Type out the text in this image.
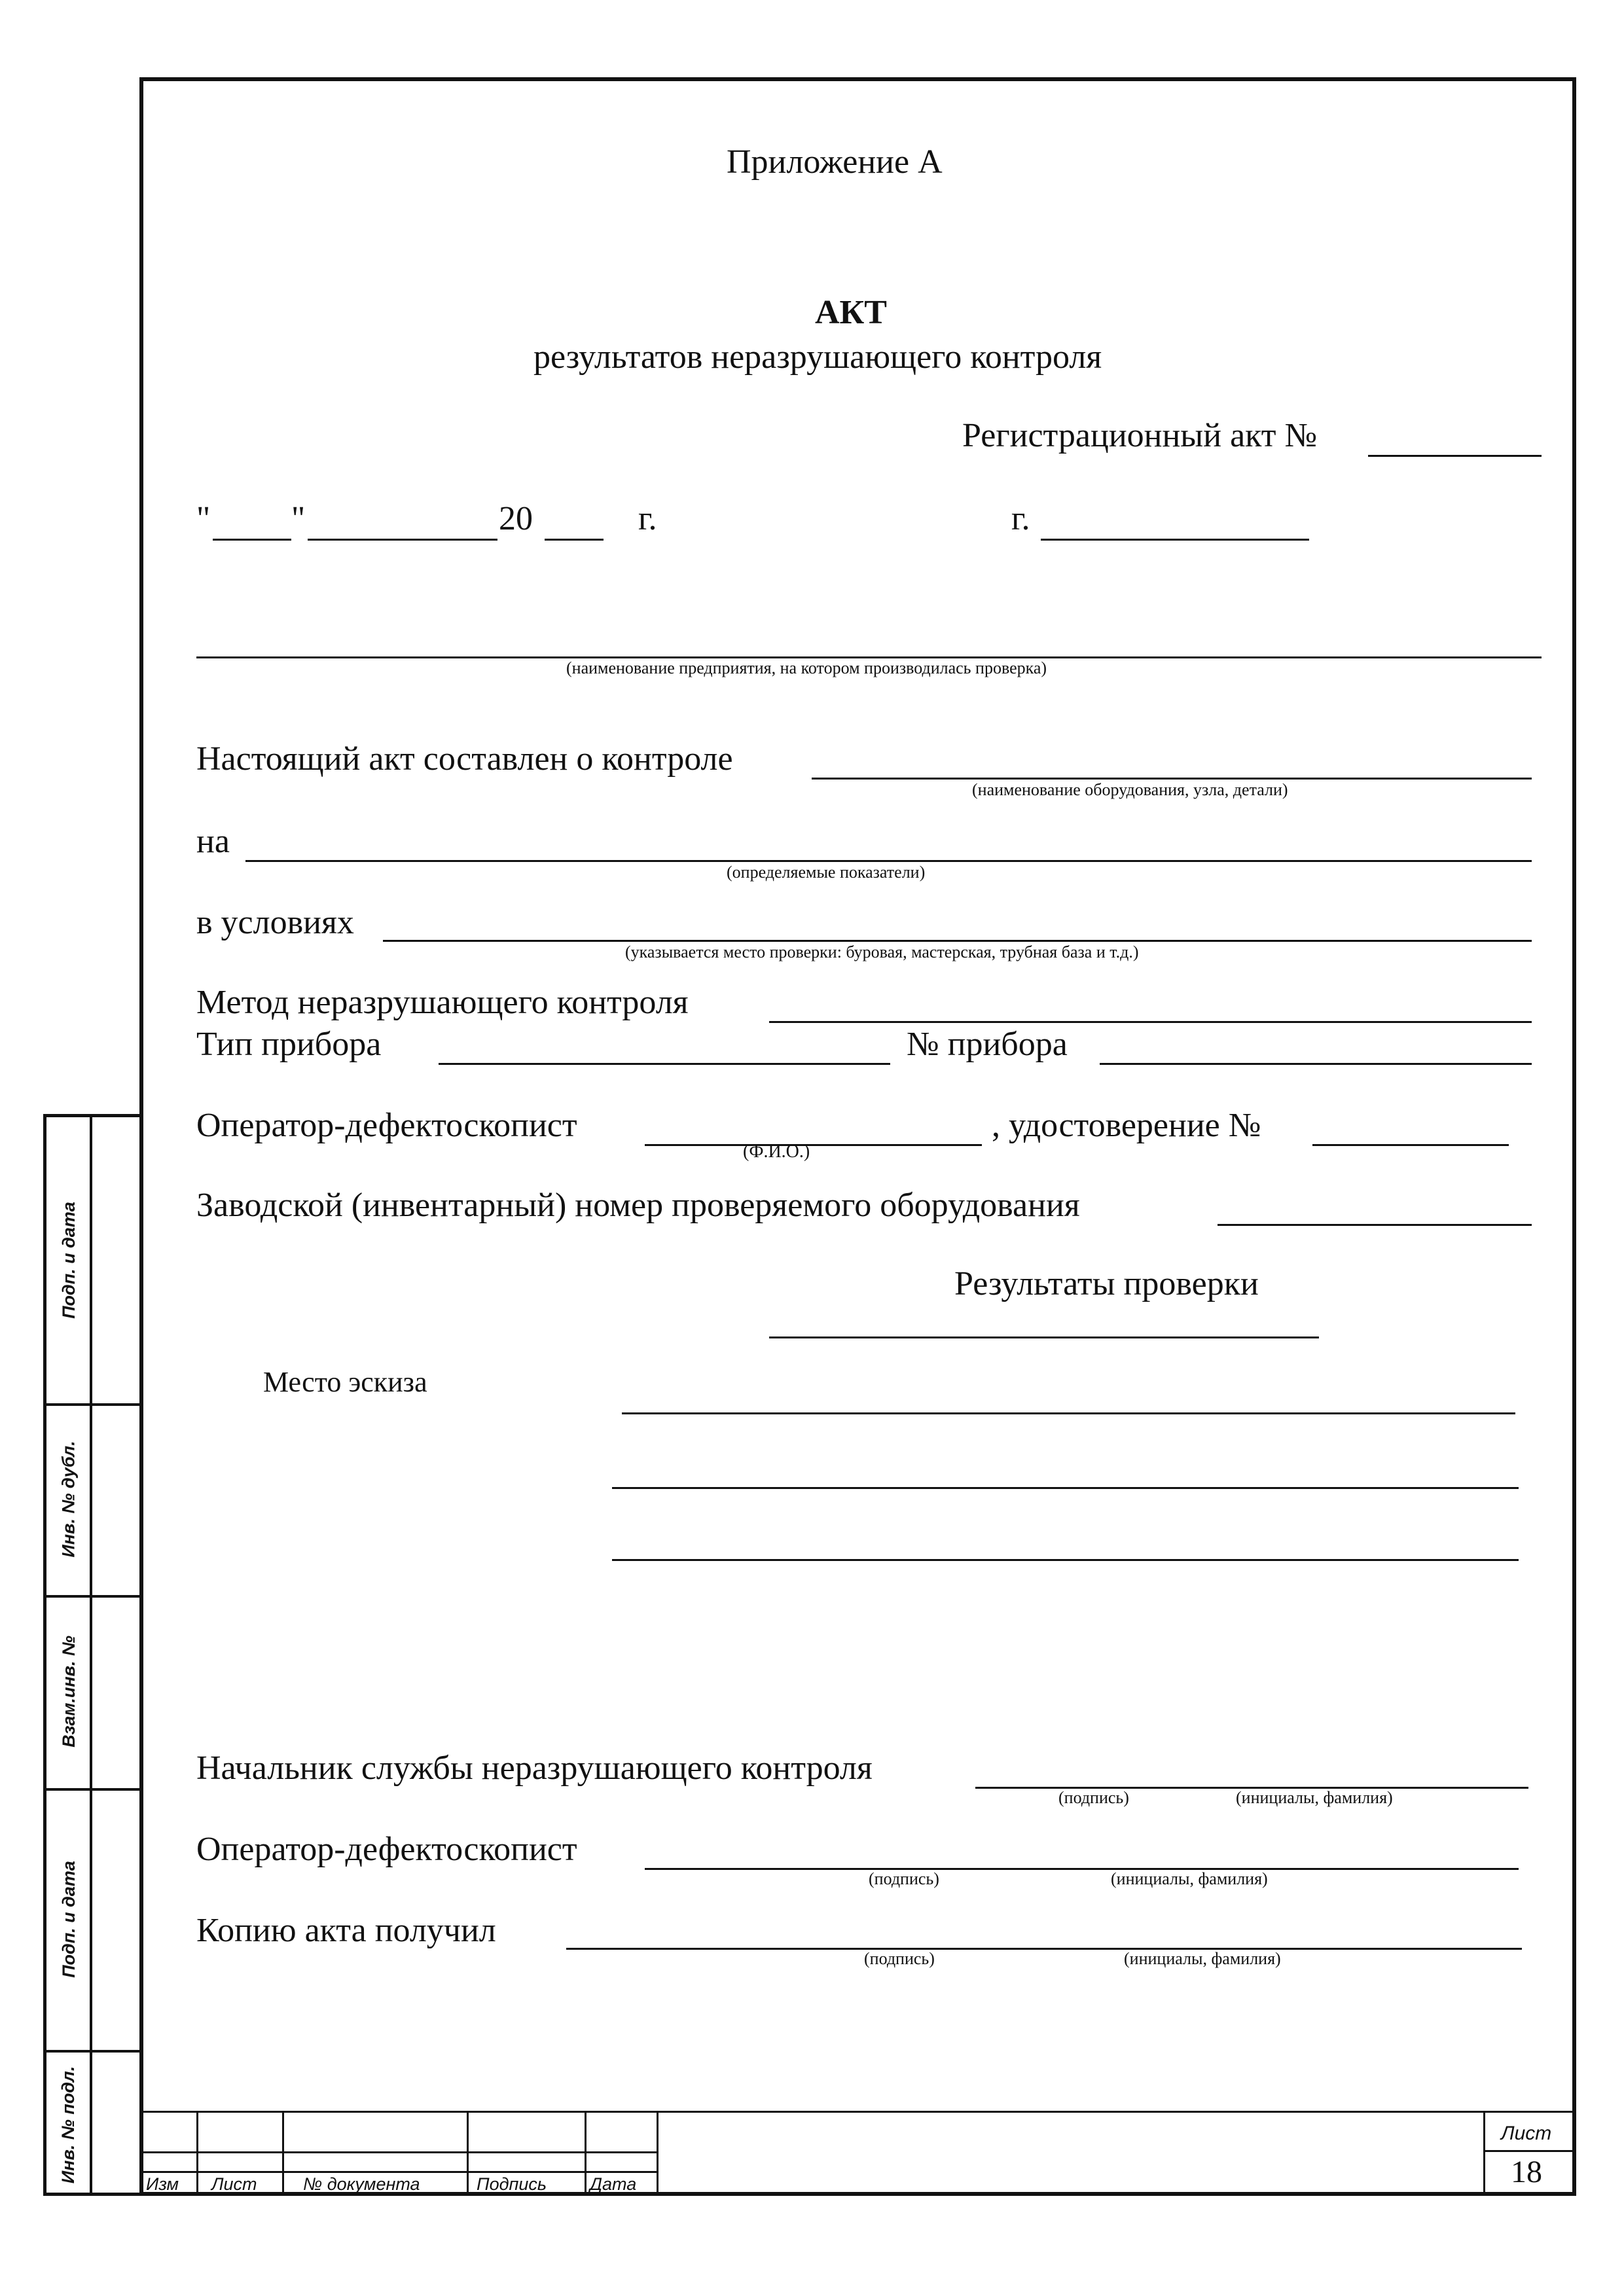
Приложение А
АКТ
результатов неразрушающего контроля
Регистрационный акт №
" "	20	г.	г.
(наименование предприятия, на котором производилась проверка)
Настоящий акт составлен о контроле
(наименование оборудования, узла, детали)
на
(определяемые показатели)
в условиях
(указывается место проверки: буровая, мастерская, трубная база и т.д.)
Метод неразрушающего контроля
Тип прибора	№ прибора
Оператор-дефектоскопист
(Ф.И.О.)
, удостоверение №
Заводской (инвентарный) номер проверяемого оборудования
Результаты проверки
Место эскиза
Начальник службы неразрушающего контроля
(подпись)	(инициалы, фамилия)
Оператор-дефектоскопист
(подпись)	(инициалы, фамилия)
Копию акта получил
(подпись)	(инициалы, фамилия)
Подп. и дата
Инв. № дубл.
Взам.инв. №
Подп. и дата
Инв. № подл.
Изм Лист	№ документа	Подпись Дата
Лист
18
